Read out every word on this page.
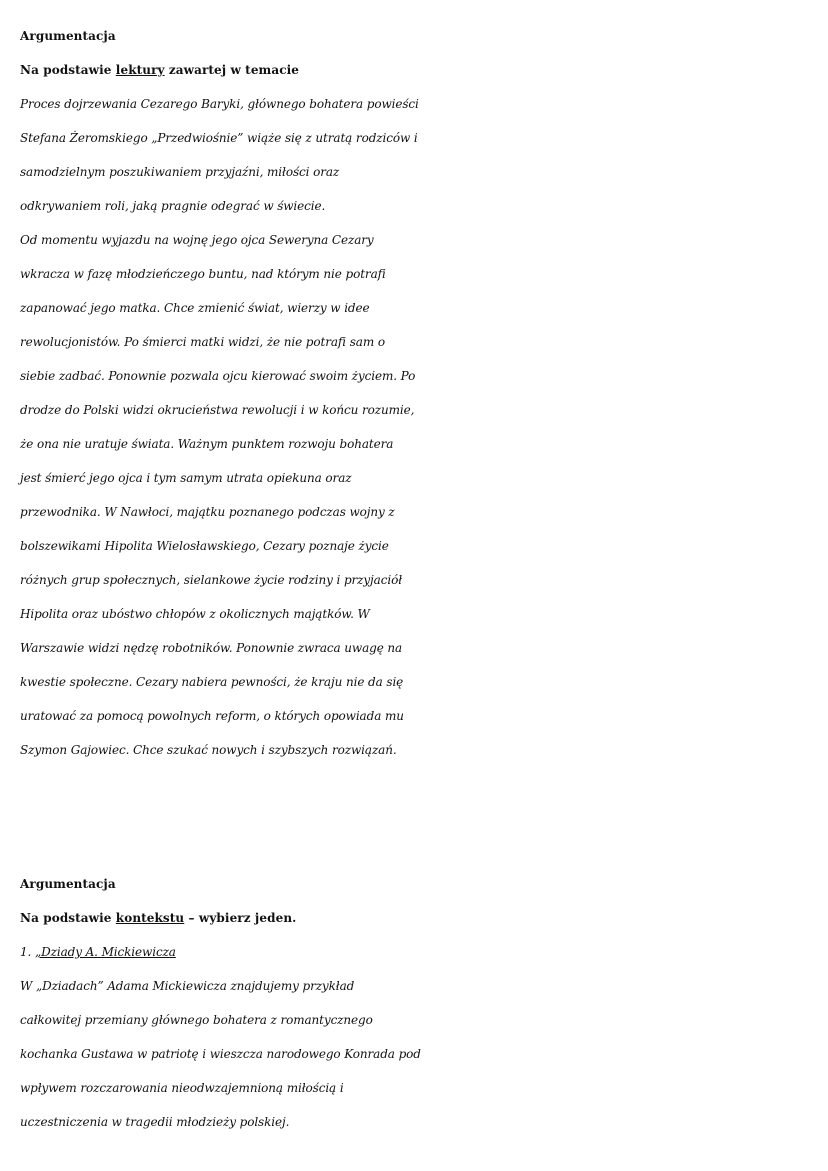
Argumentacja
Na podstawie lektury zawartej w temacie
Proces dojrzewania Cezarego Baryki, głównego bohatera powieści
Stefana Żeromskiego „Przedwiośnie” wiąże się z utratą rodziców i
samodzielnym poszukiwaniem przyjaźni, miłości oraz
odkrywaniem roli, jaką pragnie odegrać w świecie.
Od momentu wyjazdu na wojnę jego ojca Seweryna Cezary
wkracza w fazę młodzieńczego buntu, nad którym nie potrafi
zapanować jego matka. Chce zmienić świat, wierzy w idee
rewolucjonistów. Po śmierci matki widzi, że nie potrafi sam o
siebie zadbać. Ponownie pozwala ojcu kierować swoim życiem. Po
drodze do Polski widzi okrucieństwa rewolucji i w końcu rozumie,
że ona nie uratuje świata. Ważnym punktem rozwoju bohatera
jest śmierć jego ojca i tym samym utrata opiekuna oraz
przewodnika. W Nawłoci, majątku poznanego podczas wojny z
bolszewikami Hipolita Wielosławskiego, Cezary poznaje życie
różnych grup społecznych, sielankowe życie rodziny i przyjaciół
Hipolita oraz ubóstwo chłopów z okolicznych majątków. W
Warszawie widzi nędzę robotników. Ponownie zwraca uwagę na
kwestie społeczne. Cezary nabiera pewności, że kraju nie da się
uratować za pomocą powolnych reform, o których opowiada mu
Szymon Gajowiec. Chce szukać nowych i szybszych rozwiązań.
Argumentacja
Na podstawie kontekstu – wybierz jeden.
1. „Dziady A. Mickiewicza
W „Dziadach” Adama Mickiewicza znajdujemy przykład
całkowitej przemiany głównego bohatera z romantycznego
kochanka Gustawa w patriotę i wieszcza narodowego Konrada pod
wpływem rozczarowania nieodwzajemnioną miłością i
uczestniczenia w tragedii młodzieży polskiej.
